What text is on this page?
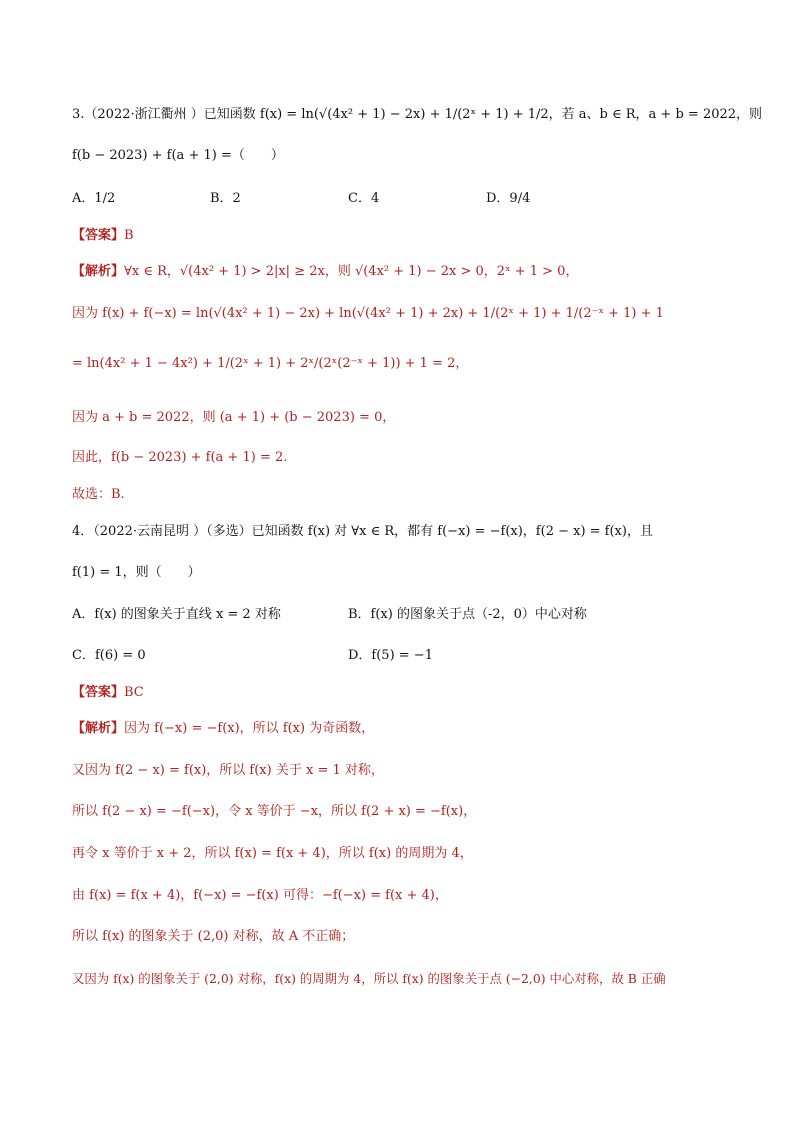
3.（2022·浙江衢州 ）已知函数 f(x) = ln(√(4x² + 1) − 2x) + 1/(2ˣ + 1) + 1/2，若 a、b ∈ R，a + b = 2022，则
f(b − 2023) + f(a + 1) =（　　）
A．1/2	B．2	C．4	D．9/4
【答案】B
【解析】∀x ∈ R，√(4x² + 1) > 2|x| ≥ 2x，则 √(4x² + 1) − 2x > 0，2ˣ + 1 > 0，
因为 f(x) + f(−x) = ln(√(4x² + 1) − 2x) + ln(√(4x² + 1) + 2x) + 1/(2ˣ + 1) + 1/(2⁻ˣ + 1) + 1
= ln(4x² + 1 − 4x²) + 1/(2ˣ + 1) + 2ˣ/(2ˣ(2⁻ˣ + 1)) + 1 = 2，
因为 a + b = 2022，则 (a + 1) + (b − 2023) = 0，
因此，f(b − 2023) + f(a + 1) = 2.
故选：B.
4．（2022·云南昆明 ）（多选）已知函数 f(x) 对 ∀x ∈ R，都有 f(−x) = −f(x)，f(2 − x) = f(x)，且
f(1) = 1，则（　　）
A．f(x) 的图象关于直线 x = 2 对称	B．f(x) 的图象关于点（-2，0）中心对称
C．f(6) = 0	D．f(5) = −1
【答案】BC
【解析】因为 f(−x) = −f(x)，所以 f(x) 为奇函数，
又因为 f(2 − x) = f(x)，所以 f(x) 关于 x = 1 对称，
所以 f(2 − x) = −f(−x)，令 x 等价于 −x，所以 f(2 + x) = −f(x)，
再令 x 等价于 x + 2，所以 f(x) = f(x + 4)，所以 f(x) 的周期为 4，
由 f(x) = f(x + 4)，f(−x) = −f(x) 可得：−f(−x) = f(x + 4)，
所以 f(x) 的图象关于 (2,0) 对称，故 A 不正确；
又因为 f(x) 的图象关于 (2,0) 对称，f(x) 的周期为 4，所以 f(x) 的图象关于点 (−2,0) 中心对称，故 B 正确
